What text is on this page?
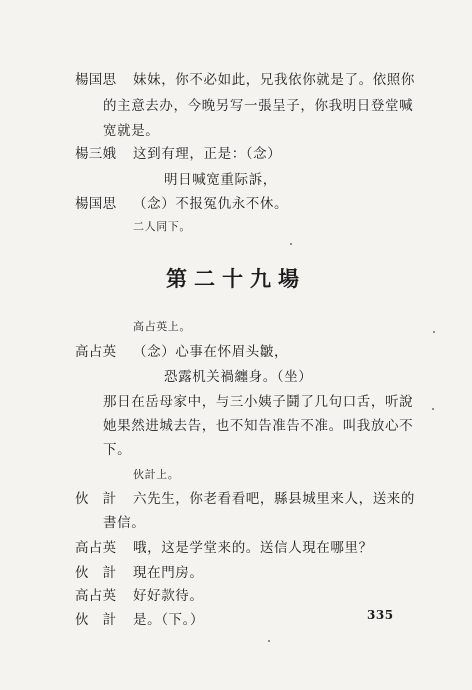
楊国思 妹妹，你不必如此，兄我依你就是了。依照你
的主意去办，今晚另写一張呈子，你我明日登堂喊
宽就是。
楊三娥 这到有理，正是：（念）
明日喊宽重际訴，
楊国思 （念）不报冤仇永不休。
二人同下。
第二十九場
高占英上。
高占英 （念）心事在怀眉头皺，
恐露机关禍纏身。（坐）
那日在岳母家中，与三小姨子鬪了几句口舌，听說
她果然进城去告，也不知告准告不准。叫我放心不
下。
伙計上。
伙　計 六先生，你老看看吧，縣县城里来人，送来的
書信。
高占英 哦，这是学堂来的。送信人現在哪里？
伙　計 現在門房。
高占英 好好款待。
伙　計 是。（下。）	335
